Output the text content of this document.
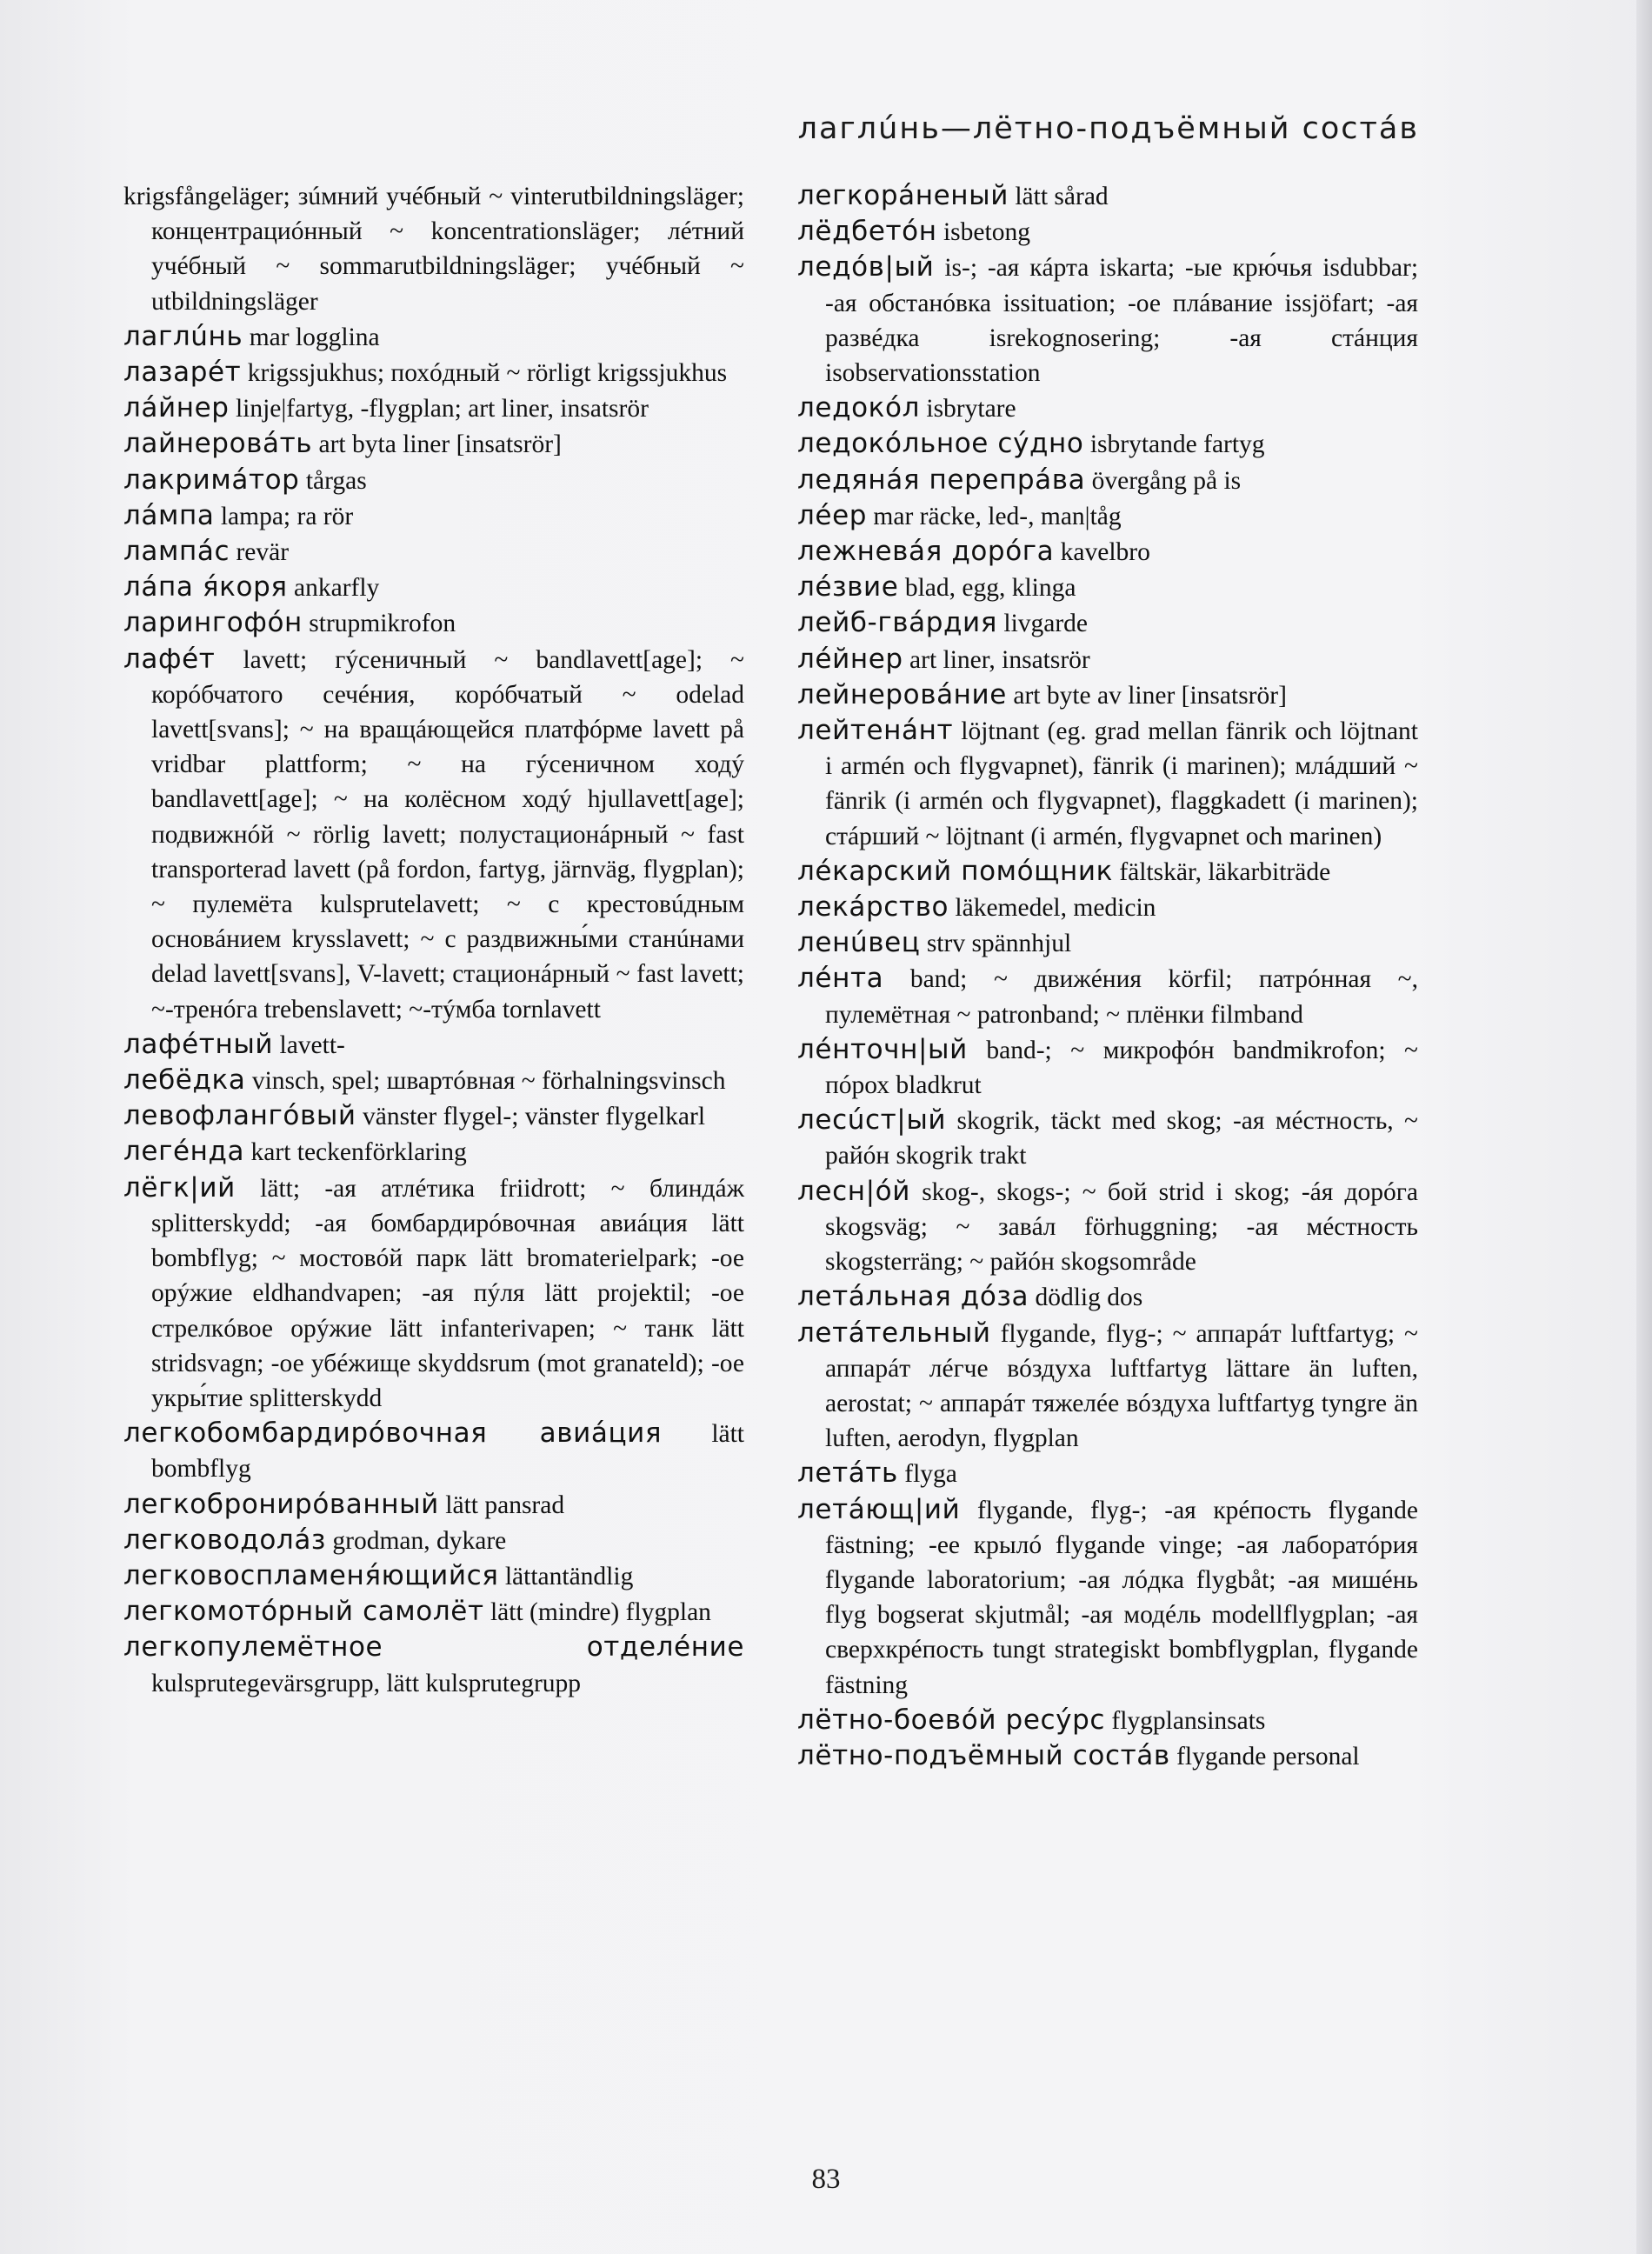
лаглúнь—лётно-подъёмный состáв

krigsfångeläger; зúмний учéбный ~ vinterutbildningsläger; концентрациóнный ~ koncentrationsläger; лéтний учéбный ~ sommarutbildningsläger; учéбный ~ utbildningsläger

лаглúнь mar logglina

лазарéт krigssjukhus; похóдный ~ rörligt krigssjukhus

лáйнер linje|fartyg, -flygplan; art liner, insatsrör

лайнеровáть art byta liner [insatsrör]

лакримáтор tårgas

лáмпа lampa; ra rör

лампáс revär

лáпа я́коря ankarfly

ларингофóн strupmikrofon

лафéт lavett; гýсеничный ~ bandlavett[age]; ~ корóбчатого сечéния, корóбчатый ~ odelad lavett[svans]; ~ на вращáющейся платфóрме lavett på vridbar plattform; ~ на гýсеничном ходý bandlavett[age]; ~ на колёсном ходý hjullavett[age]; подвижнóй ~ rörlig lavett; полустационáрный ~ fast transporterad lavett (på fordon, fartyg, järnväg, flygplan); ~ пулемёта kulsprutelavett; ~ с крестовúдным основáнием krysslavett; ~ с раздвижны́ми станúнами delad lavett[svans], V-lavett; стационáрный ~ fast lavett; ~-тренóга trebenslavett; ~-тýмба tornlavett

лафéтный lavett-

лебёдка vinsch, spel; швартóвная ~ förhalningsvinsch

левофлангóвый vänster flygel-; vänster flygelkarl

легéнда kart teckenförklaring

лёгк|ий lätt; -ая атлéтика friidrott; ~ блиндáж splitterskydd; -ая бомбардирóвочная авиáция lätt bombflyg; ~ мостовóй парк lätt bromaterielpark; -ое орýжие eldhandvapen; -ая пýля lätt projektil; -ое стрелкóвое орýжие lätt infanterivapen; ~ танк lätt stridsvagn; -ое убéжище skyddsrum (mot granateld); -ое укры́тие splitterskydd

легкобомбардирóвочная авиáция lätt bombflyg

легкобронирóванный lätt pansrad

легководолáз grodman, dykare

легковоспламеня́ющийся lättantändlig

легкомотóрный самолёт lätt (mindre) flygplan

легкопулемётное отделéние kulsprutegevärsgrupp, lätt kulsprutegrupp

легкорáненый lätt sårad

лёдбетóн isbetong

ледóв|ый is-; -ая кáрта iskarta; -ые крю́чья isdubbar; -ая обстанóвка issituation; -ое плáвание issjöfart; -ая развéдка isrekognosering; -ая стáнция isobservationsstation

ледокóл isbrytare

ледокóльное сýдно isbrytande fartyg

ледянáя перепрáва övergång på is

лéер mar räcke, led-, man|tåg

лежневáя дорóга kavelbro

лéзвие blad, egg, klinga

лейб-гвáрдия livgarde

лéйнер art liner, insatsrör

лейнеровáние art byte av liner [insatsrör]

лейтенáнт löjtnant (eg. grad mellan fänrik och löjtnant i armén och flygvapnet), fänrik (i marinen); млáдший ~ fänrik (i armén och flygvapnet), flaggkadett (i marinen); стáрший ~ löjtnant (i armén, flygvapnet och marinen)

лéкарский помóщник fältskär, läkarbiträde

лекáрство läkemedel, medicin

ленúвец strv spännhjul

лéнта band; ~ движéния körfil; патрóнная ~, пулемётная ~ patronband; ~ плёнки filmband

лéнточн|ый band-; ~ микрофóн bandmikrofon; ~ пóрох bladkrut

лесúст|ый skogrik, täckt med skog; -ая мéстность, ~ райóн skogrik trakt

лесн|óй skog-, skogs-; ~ бой strid i skog; -áя дорóга skogsväg; ~ завáл förhuggning; -ая мéстность skogsterräng; ~ райóн skogsområde

летáльная дóза dödlig dos

летáтельный flygande, flyg-; ~ аппарáт luftfartyg; ~ аппарáт лéгче вóздуха luftfartyg lättare än luften, aerostat; ~ аппарáт тяжелéе вóздуха luftfartyg tyngre än luften, aerodyn, flygplan

летáть flyga

летáющ|ий flygande, flyg-; -ая крéпость flygande fästning; -ее крылó flygande vinge; -ая лаборатóрия flygande laboratorium; -ая лóдка flygbåt; -ая мишéнь flyg bogserat skjutmål; -ая модéль modellflygplan; -ая сверхкрéпость tungt strategiskt bombflygplan, flygande fästning

лётно-боевóй ресýрс flygplansinsats

лётно-подъёмный состáв flygande personal

83
